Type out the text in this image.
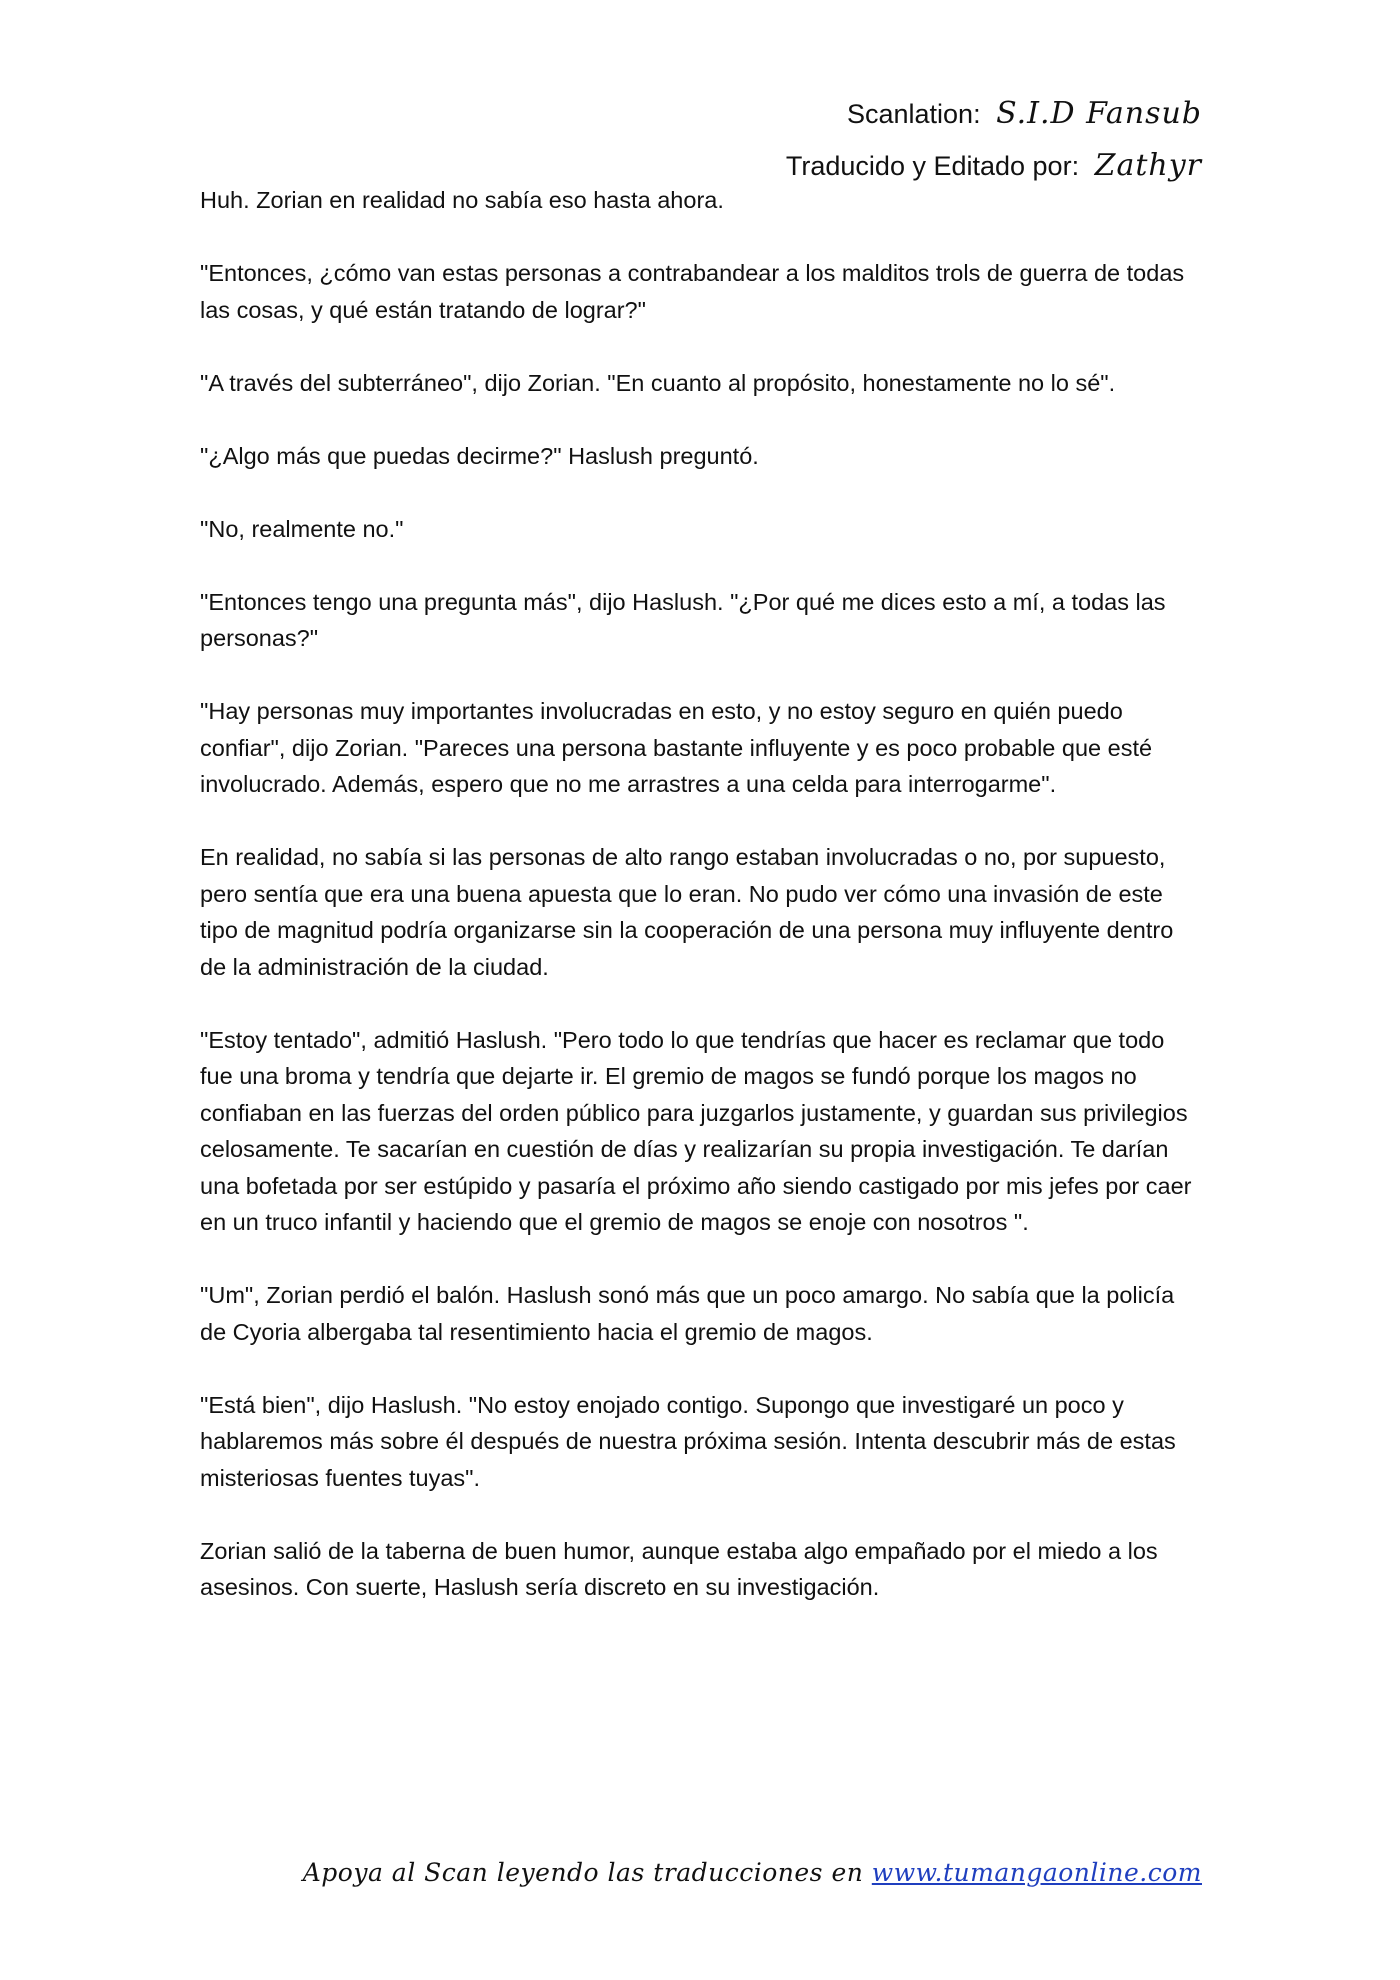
Scanlation: S.I.D Fansub
Traducido y Editado por: Zathyr

Huh. Zorian en realidad no sabía eso hasta ahora.

"Entonces, ¿cómo van estas personas a contrabandear a los malditos trols de guerra de todas las cosas, y qué están tratando de lograr?"

"A través del subterráneo", dijo Zorian. "En cuanto al propósito, honestamente no lo sé".

"¿Algo más que puedas decirme?" Haslush preguntó.

"No, realmente no."

"Entonces tengo una pregunta más", dijo Haslush. "¿Por qué me dices esto a mí, a todas las personas?"

"Hay personas muy importantes involucradas en esto, y no estoy seguro en quién puedo confiar", dijo Zorian. "Pareces una persona bastante influyente y es poco probable que esté involucrado. Además, espero que no me arrastres a una celda para interrogarme".

En realidad, no sabía si las personas de alto rango estaban involucradas o no, por supuesto, pero sentía que era una buena apuesta que lo eran. No pudo ver cómo una invasión de este tipo de magnitud podría organizarse sin la cooperación de una persona muy influyente dentro de la administración de la ciudad.

"Estoy tentado", admitió Haslush. "Pero todo lo que tendrías que hacer es reclamar que todo fue una broma y tendría que dejarte ir. El gremio de magos se fundó porque los magos no confiaban en las fuerzas del orden público para juzgarlos justamente, y guardan sus privilegios celosamente. Te sacarían en cuestión de días y realizarían su propia investigación. Te darían una bofetada por ser estúpido y pasaría el próximo año siendo castigado por mis jefes por caer en un truco infantil y haciendo que el gremio de magos se enoje con nosotros ".

"Um", Zorian perdió el balón. Haslush sonó más que un poco amargo. No sabía que la policía de Cyoria albergaba tal resentimiento hacia el gremio de magos.

"Está bien", dijo Haslush. "No estoy enojado contigo. Supongo que investigaré un poco y hablaremos más sobre él después de nuestra próxima sesión. Intenta descubrir más de estas misteriosas fuentes tuyas".

Zorian salió de la taberna de buen humor, aunque estaba algo empañado por el miedo a los asesinos. Con suerte, Haslush sería discreto en su investigación.

Apoya al Scan leyendo las traducciones en www.tumangaonline.com
